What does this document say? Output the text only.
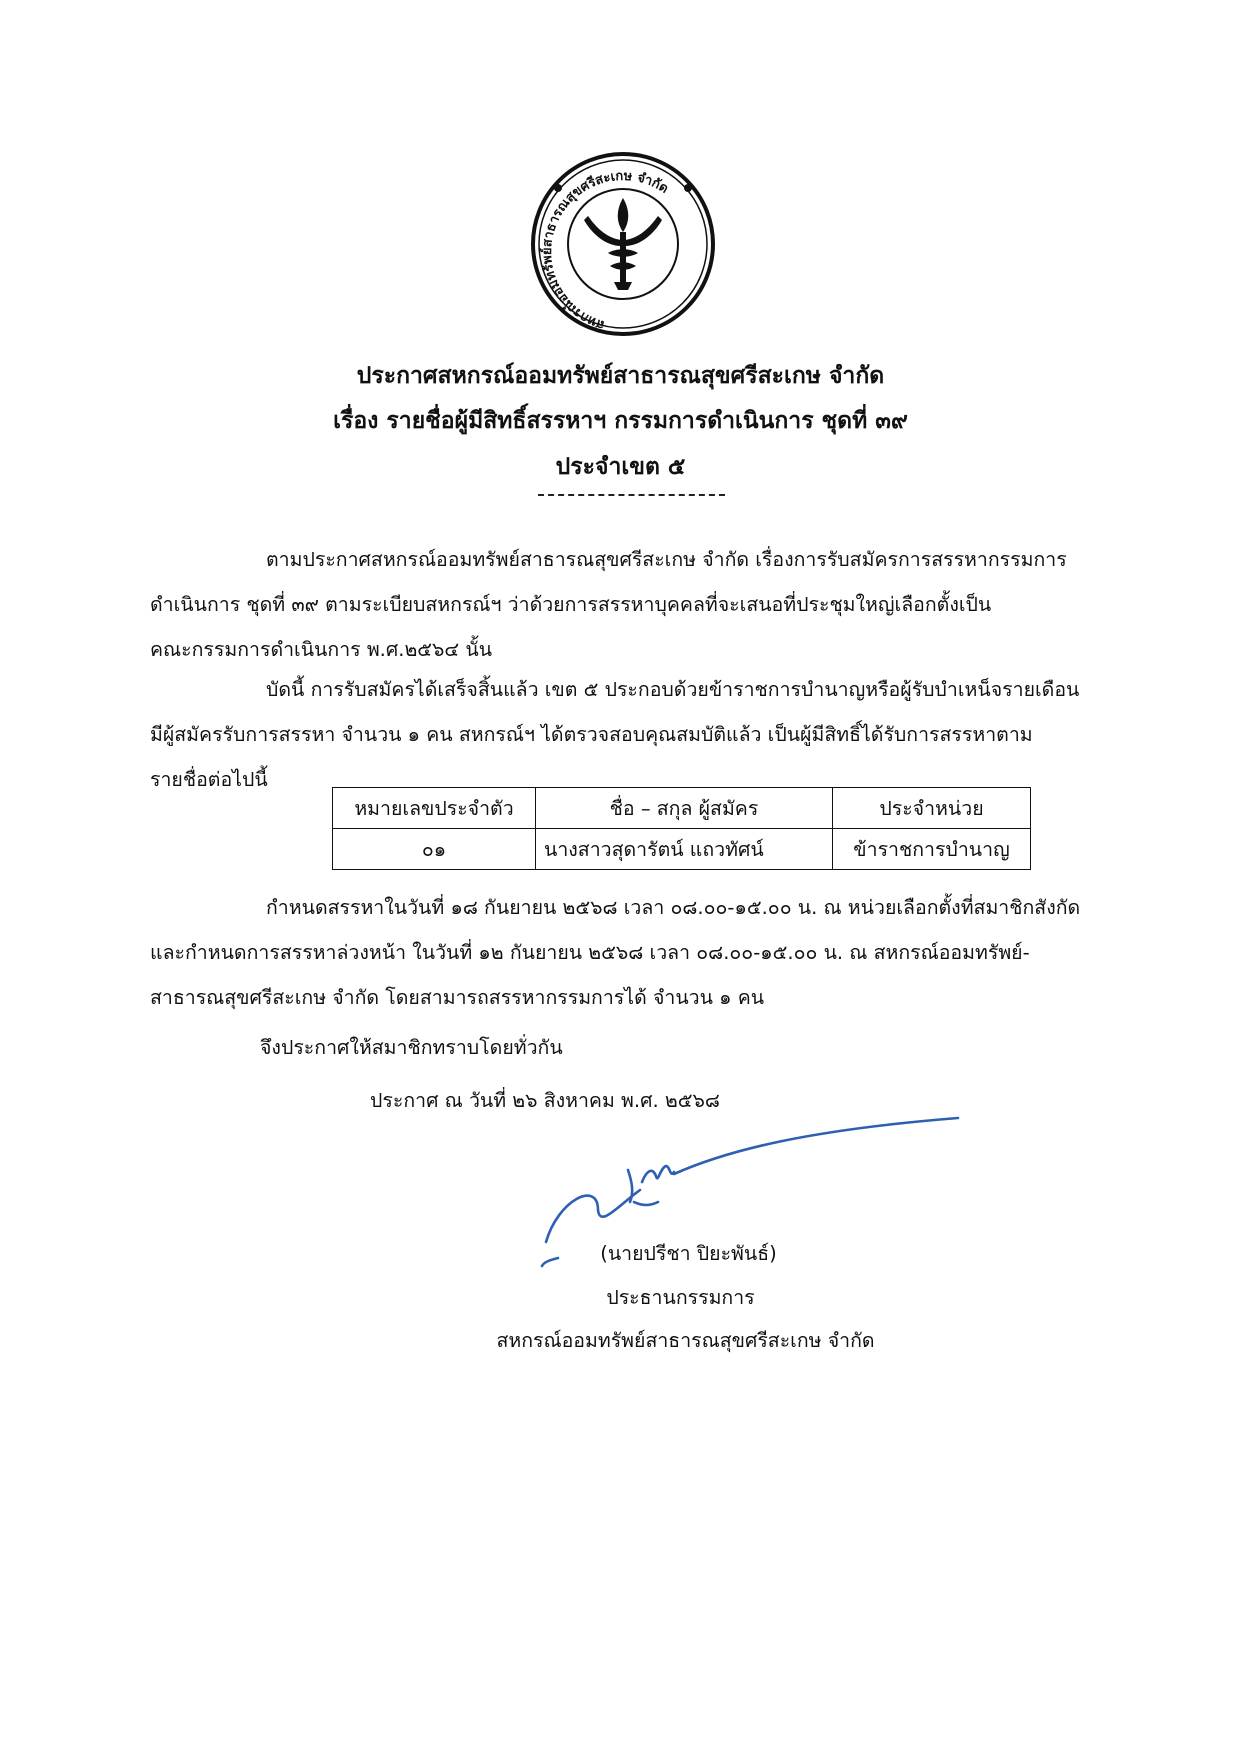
สหกรณ์ออมทรัพย์สาธารณสุขศรีสะเกษ จำกัด
ประกาศสหกรณ์ออมทรัพย์สาธารณสุขศรีสะเกษ จำกัด
เรื่อง รายชื่อผู้มีสิทธิ์สรรหาฯ กรรมการดำเนินการ ชุดที่ ๓๙
ประจำเขต ๕
ตามประกาศสหกรณ์ออมทรัพย์สาธารณสุขศรีสะเกษ จำกัด เรื่องการรับสมัครการสรรหากรรมการ
ดำเนินการ ชุดที่ ๓๙ ตามระเบียบสหกรณ์ฯ ว่าด้วยการสรรหาบุคคลที่จะเสนอที่ประชุมใหญ่เลือกตั้งเป็น
คณะกรรมการดำเนินการ พ.ศ.๒๕๖๔ นั้น
บัดนี้ การรับสมัครได้เสร็จสิ้นแล้ว เขต ๕ ประกอบด้วยข้าราชการบำนาญหรือผู้รับบำเหน็จรายเดือน
มีผู้สมัครรับการสรรหา จำนวน ๑ คน สหกรณ์ฯ ได้ตรวจสอบคุณสมบัติแล้ว เป็นผู้มีสิทธิ์ได้รับการสรรหาตาม
รายชื่อต่อไปนี้
หมายเลขประจำตัว	ชื่อ – สกุล ผู้สมัคร	ประจำหน่วย
๐๑	นางสาวสุดารัตน์ แถวทัศน์	ข้าราชการบำนาญ
กำหนดสรรหาในวันที่ ๑๘ กันยายน ๒๕๖๘ เวลา ๐๘.๐๐-๑๕.๐๐ น. ณ หน่วยเลือกตั้งที่สมาชิกสังกัด
และกำหนดการสรรหาล่วงหน้า ในวันที่ ๑๒ กันยายน ๒๕๖๘ เวลา ๐๘.๐๐-๑๕.๐๐ น. ณ สหกรณ์ออมทรัพย์-
สาธารณสุขศรีสะเกษ จำกัด โดยสามารถสรรหากรรมการได้ จำนวน ๑ คน
จึงประกาศให้สมาชิกทราบโดยทั่วกัน
ประกาศ ณ วันที่ ๒๖ สิงหาคม พ.ศ. ๒๕๖๘
(นายปรีชา ปิยะพันธ์)
ประธานกรรมการ
สหกรณ์ออมทรัพย์สาธารณสุขศรีสะเกษ จำกัด
